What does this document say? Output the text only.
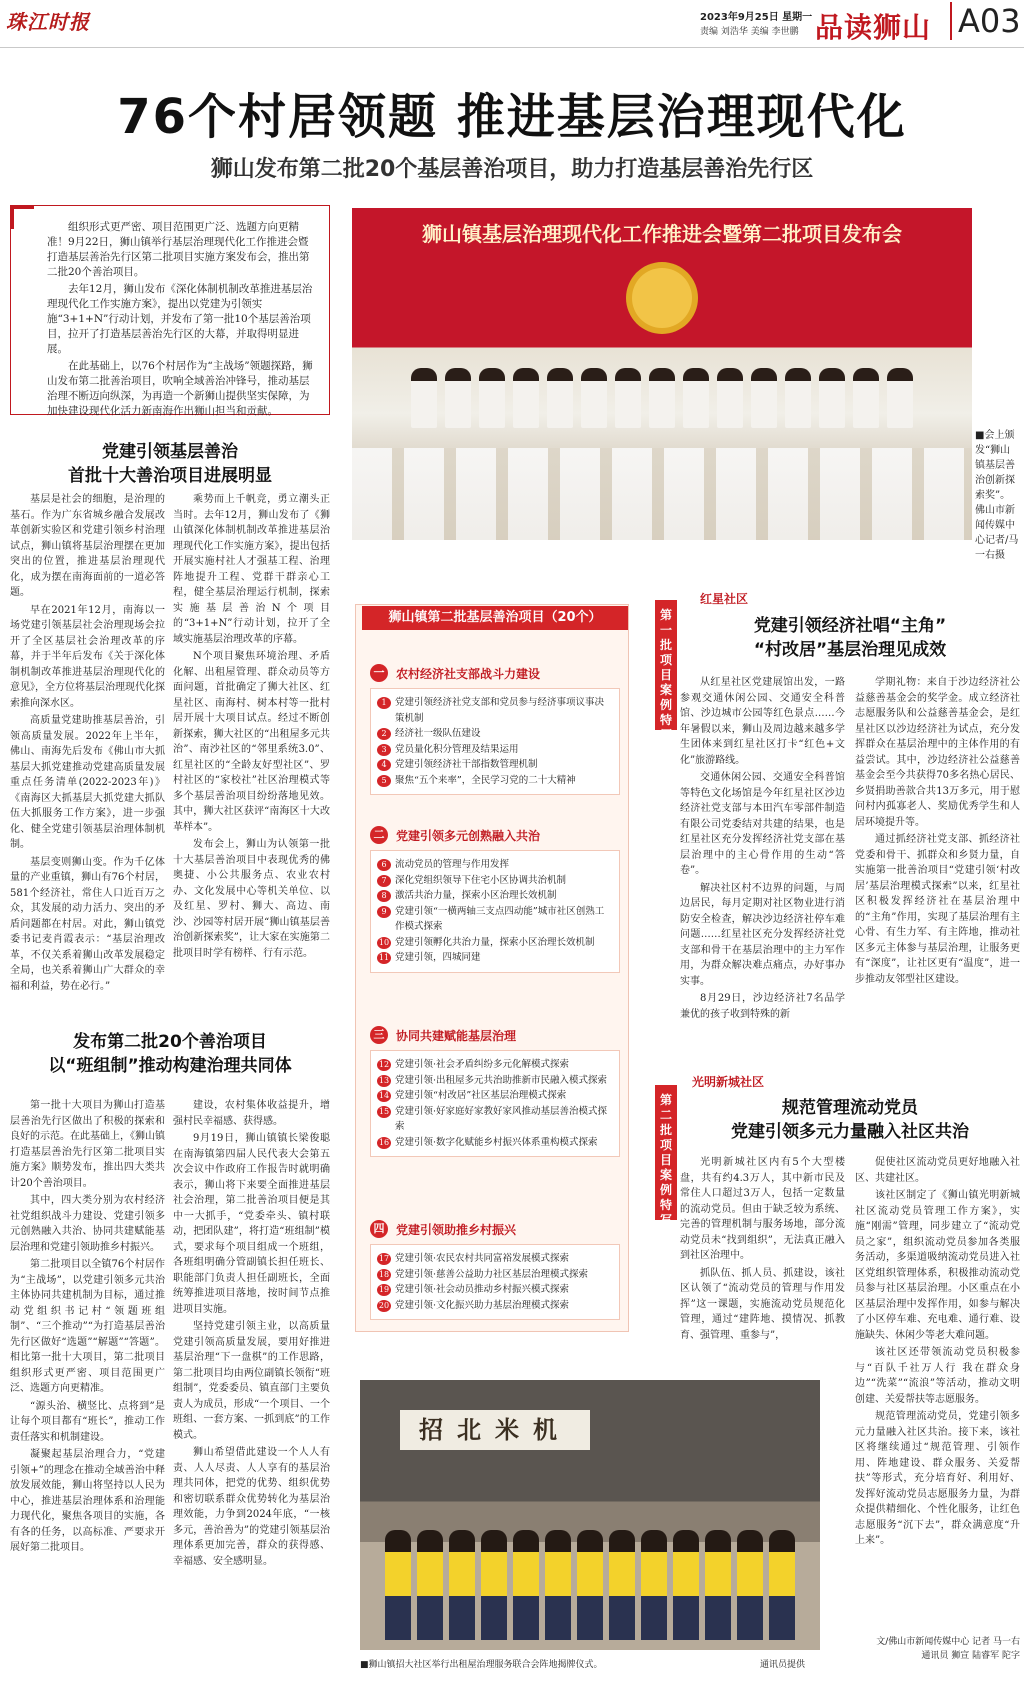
珠江时报	2023年9月25日 星期一
责编 刘浩华 美编 李世鹏 品读狮山 A03
76个村居领题 推进基层治理现代化
狮山发布第二批20个基层善治项目，助力打造基层善治先行区

组织形式更严密、项目范围更广泛、选题方向更精准！9月22日，狮山镇举行基层治理现代化工作推进会暨打造基层善治先行区第二批项目实施方案发布会，推出第二批20个善治项目。

去年12月，狮山发布《深化体制机制改革推进基层治理现代化工作实施方案》，提出以党建为引领实施“3+1+N”行动计划，并发布了第一批10个基层善治项目，拉开了打造基层善治先行区的大幕，并取得明显进展。

在此基础上，以76个村居作为“主战场”领题探路，狮山发布第二批善治项目，吹响全域善治冲锋号，推动基层治理不断迈向纵深，为再造一个新狮山提供坚实保障，为加快建设现代化活力新南海作出狮山担当和贡献。

狮山镇基层治理现代化工作推进会暨第二批项目发布会
■会上颁发“狮山镇基层善治创新探索奖”。佛山市新闻传媒中心记者/马一右摄
党建引领基层善治
首批十大善治项目进展明显

基层是社会的细胞，是治理的基石。作为广东省城乡融合发展改革创新实验区和党建引领乡村治理试点，狮山镇将基层治理摆在更加突出的位置，推进基层治理现代化，成为摆在南海面前的一道必答题。

早在2021年12月，南海以一场党建引领基层社会治理现场会拉开了全区基层社会治理改革的序幕，并于半年后发布《关于深化体制机制改革推进基层治理现代化的意见》，全方位将基层治理现代化探索推向深水区。

高质量党建助推基层善治，引领高质量发展。2022年上半年，佛山、南海先后发布《佛山市大抓基层大抓党建推动党建高质量发展重点任务清单(2022-2023年)》《南海区大抓基层大抓党建大抓队伍大抓服务工作方案》，进一步强化、健全党建引领基层治理体制机制。

基层变则狮山变。作为千亿体量的产业重镇，狮山有76个村居，581个经济社，常住人口近百万之众，其发展的动力活力、突出的矛盾问题都在村居。对此，狮山镇党委书记麦肖霞表示：“基层治理改革，不仅关系着狮山改革发展稳定全局，也关系着狮山广大群众的幸福和利益，势在必行。”

乘势而上千帆竞，勇立潮头正当时。去年12月，狮山发布了《狮山镇深化体制机制改革推进基层治理现代化工作实施方案》，提出包括开展实施村社人才强基工程、治理阵地提升工程、党群干群亲心工程，健全基层治理运行机制，探索实施基层善治N个项目的“3+1+N”行动计划，拉开了全域实施基层治理改革的序幕。

N个项目聚焦环境治理、矛盾化解、出租屋管理、群众动员等方面问题，首批确定了狮大社区、红星社区、南海村、树本村等一批村居开展十大项目试点。经过不断创新探索，狮大社区的“出租屋多元共治”、南沙社区的“邻里系统3.0”、红星社区的“全龄友好型社区”、罗村社区的“家校社”社区治理模式等多个基层善治项目纷纷落地见效。其中，狮大社区获评“南海区十大改革样本”。

发布会上，狮山为认领第一批十大基层善治项目中表现优秀的佛奥捷、小公共服务点、农业农村办、文化发展中心等机关单位、以及红星、罗村、狮大、高边、南沙、沙园等村居开展“狮山镇基层善治创新探索奖”，让大家在实施第二批项目时学有榜样、行有示范。

发布第二批20个善治项目
以“班组制”推动构建治理共同体

第一批十大项目为狮山打造基层善治先行区做出了积极的探索和良好的示范。在此基础上，《狮山镇打造基层善治先行区第二批项目实施方案》顺势发布，推出四大类共计20个善治项目。

其中，四大类分别为农村经济社党组织战斗力建设、党建引领多元创熟融入共治、协同共建赋能基层治理和党建引领助推乡村振兴。

第二批项目以全镇76个村居作为“主战场”，以党建引领多元共治主体协同共建机制为目标，通过推动党组织书记村“领题班组制”、“三个推动”“为打造基层善治先行区做好“选题”“解题”“答题”。相比第一批十大项目，第二批项目组织形式更严密、项目范围更广泛、选题方向更精准。

“源头治、横竖比、点将到”是让每个项目都有“班长”，推动工作责任落实和机制建设。

凝聚起基层治理合力，“党建引领+”的理念在推动全域善治中释放发展效能，狮山将坚持以人民为中心，推进基层治理体系和治理能力现代化，聚焦各项目的实施，各有各的任务，以高标准、严要求开展好第二批项目。

建设，农村集体收益提升，增强村民幸福感、获得感。

9月19日，狮山镇镇长梁俊聪在南海镇第四届人民代表大会第五次会议中作政府工作报告时就明确表示，狮山将下来要全面推进基层社会治理，第二批善治项目便是其中一大抓手，“党委牵头、镇村联动，把团队建”，将打造“班组制”模式，要求每个项目组成一个班组，各班组明确分管副镇长担任班长、职能部门负责人担任副班长，全面统筹推进项目落地，按时间节点推进项目实施。

坚持党建引领主业，以高质量党建引领高质量发展，要用好推进基层治理“下一盘棋”的工作思路，第二批项目均由两位副镇长领衔“班组制”，党委委员、镇直部门主要负责人为成员，形成“一个项目、一个班组、一套方案、一抓到底”的工作模式。

狮山希望借此建设一个人人有责、人人尽责、人人享有的基层治理共同体，把党的优势、组织优势和密切联系群众优势转化为基层治理效能，力争到2024年底，“一核多元，善治善为”的党建引领基层治理体系更加完善，群众的获得感、幸福感、安全感明显。

狮山镇第二批基层善治项目（20个）
一 农村经济社支部战斗力建设
1 党建引领经济社党支部和党员参与经济事项议事决策机制
2 经济社一级队伍建设
3 党员量化积分管理及结果运用
4 党建引领经济社干部指数管理机制
5 聚焦“五个来率”，全民学习党的二十大精神
二 党建引领多元创熟融入共治
6 流动党员的管理与作用发挥
7 深化党组织领导下住宅小区协调共治机制
8 激活共治力量，探索小区治理长效机制
9 党建引领“一横两轴三支点四动能”城市社区创熟工作模式探索
10 党建引领孵化共治力量，探索小区治理长效机制
11 党建引领，四城同建
三 协同共建赋能基层治理
12 党建引领·社会矛盾纠纷多元化解模式探索
13 党建引领·出租屋多元共治助推新市民融入模式探索
14 党建引领“村改居”社区基层治理模式探索
15 党建引领·好家庭好家教好家风推动基层善治模式探索
16 党建引领·数字化赋能乡村振兴体系重构模式探索
四 党建引领助推乡村振兴
17 党建引领·农民农村共同富裕发展模式探索
18 党建引领·慈善公益助力社区基层治理模式探索
19 党建引领·社会动员推动乡村振兴模式探索
20 党建引领·文化振兴助力基层治理模式探索
第一批项目案例特写
红星社区
党建引领经济社唱“主角”
“村改居”基层治理见成效

从红星社区党建展馆出发，一路参观交通休闲公园、交通安全科普馆、沙边城市公园等红色景点……今年暑假以来，狮山及周边越来越多学生团体来到红星社区打卡“红色+文化”旅游路线。

交通休闲公园、交通安全科普馆等特色文化场馆是今年红星社区沙边经济社党支部与本田汽车零部件制造有限公司党委结对共建的结果，也是红星社区充分发挥经济社党支部在基层治理中的主心骨作用的生动“答卷”。

解决社区村不边界的问题，与周边居民，每月定期对社区物业进行消防安全检查，解决沙边经济社停车难问题……红星社区充分发挥经济社党支部和骨干在基层治理中的主力军作用，为群众解决难点痛点，办好事办实事。

8月29日，沙边经济社7名品学兼优的孩子收到特殊的新

学期礼物：来自于沙边经济社公益慈善基金会的奖学金。成立经济社志愿服务队和公益慈善基金会，是红星社区以沙边经济社为试点，充分发挥群众在基层治理中的主体作用的有益尝试。其中，沙边经济社公益慈善基金会至今共获得70多名热心居民、乡贤捐助善款合共13万多元，用于慰问村内孤寡老人、奖励优秀学生和人居环境提升等。

通过抓经济社党支部、抓经济社党委和骨干、抓群众和乡贤力量，自实施第一批善治项目“党建引领‘村改居’基层治理模式探索”以来，红星社区积极发挥经济社在基层治理中的“主角”作用，实现了基层治理有主心骨、有生力军、有主阵地，推动社区多元主体参与基层治理，让服务更有“深度”，让社区更有“温度”，进一步推动友邻型社区建设。

第二批项目案例特写
光明新城社区
规范管理流动党员
党建引领多元力量融入社区共治

光明新城社区内有5个大型楼盘，共有约4.3万人，其中新市民及常住人口超过3万人，包括一定数量的流动党员。但由于缺乏较为系统、完善的管理机制与服务场地，部分流动党员未“找到组织”，无法真正融入到社区治理中。

抓队伍、抓人员、抓建设，该社区认领了“流动党员的管理与作用发挥”这一课题，实施流动党员规范化管理，通过“建阵地、摸情况、抓教育、强管理、重参与”，

促使社区流动党员更好地融入社区、共建社区。

该社区制定了《狮山镇光明新城社区流动党员管理工作方案》，实施“刚需”管理，同步建立了“流动党员之家”，组织流动党员参加各类服务活动，多渠道吸纳流动党员进入社区党组织管理体系，积极推动流动党员参与社区基层治理。小区重点在小区基层治理中发挥作用，如参与解决了小区停车难、充电难、通行难、设施缺失、休闲少等老大难问题。

该社区还带领流动党员积极参与“百队千社万人行 我在群众身边”“洗菜”“流浪”等活动，推动文明创建、关爱帮扶等志愿服务。

规范管理流动党员，党建引领多元力量融入社区共治。接下来，该社区将继续通过“规范管理、引领作用、阵地建设、群众服务、关爱帮扶”等形式，充分培育好、利用好、发挥好流动党员志愿服务力量，为群众提供精细化、个性化服务，让红色志愿服务“沉下去”，群众满意度“升上来”。

招北米机
■狮山镇招大社区举行出租屋治理服务联合会阵地揭牌仪式。	通讯员提供
文/佛山市新闻传媒中心 记者 马一右
通讯员 狮宣 陆睿军 陀字
